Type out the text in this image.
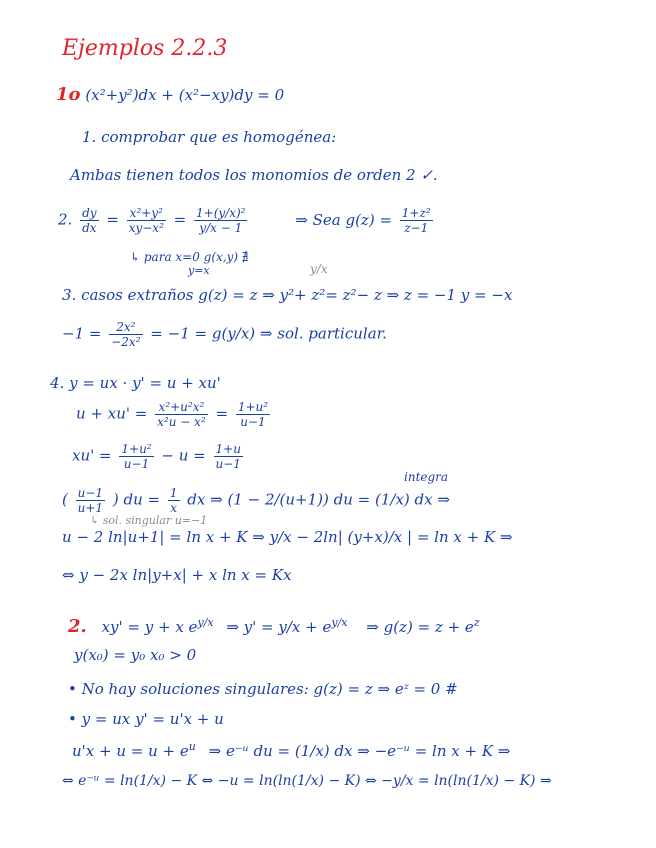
Ejemplos 2.2.3
1o (x²+y²)dx + (x²−xy)dy = 0
1. comprobar que es homogénea:
Ambas tienen todos los monomios de orden 2 ✓.
2. $\frac{dy}{dx} = \frac{\text{x²+y²}}{\text{xy−x²}} = \frac{\text{1+(y/x)²}}{y/x - 1}$	⇒ Sea $g(z) = \frac{\text{1+z²}}{z-1}$
↳ para x=0 g(x,y) ∄
y=x	y/x
3. casos extraños g(z) = z ⇒ y²+ z²= z²− z ⇒ z = −1 y = −x
$-1 = \frac{\text{2x²}}{\text{−2x²}} = -1 = g(y/x)$ ⇒ sol. particular.
4. y = ux · y' = u + xu'
$u + xu' = \frac{\text{x²+u²x²}}{\text{x²u − x²}} = \frac{\text{1+u²}}{u-1}$
$xu' = \frac{\text{1+u²}}{u-1} - u = \frac{1+u}{u-1}$
integra
( $\frac{u-1}{u+1}$ ) du = $\frac{1}{x}$ dx ⇒ (1 − 2/(u+1)) du = (1/x) dx ⇒
↳ sol. singular u=−1
u − 2 ln|u+1| = ln x + K ⇒ y/x − 2ln| (y+x)/x | = ln x + K ⇒
⇔ y − 2x ln|y+x| + x ln x = Kx
2. xy' = y + x $e^{y/x}$ ⇒ $y' = y/x + e^{y/x}$ ⇒ $g(z) = z + e^z$
y(x₀) = y₀ x₀ > 0
• No hay soluciones singulares: g(z) = z ⇒ eᶻ = 0 #
• y = ux y' = u'x + u
$u'x + u = u + e^u$ ⇒ e⁻ᵘ du = (1/x) dx ⇒ −e⁻ᵘ = ln x + K ⇒
⇔ e⁻ᵘ = ln(1/x) − K ⇔ −u = ln(ln(1/x) − K) ⇔ −y/x = ln(ln(1/x) − K) ⇒
